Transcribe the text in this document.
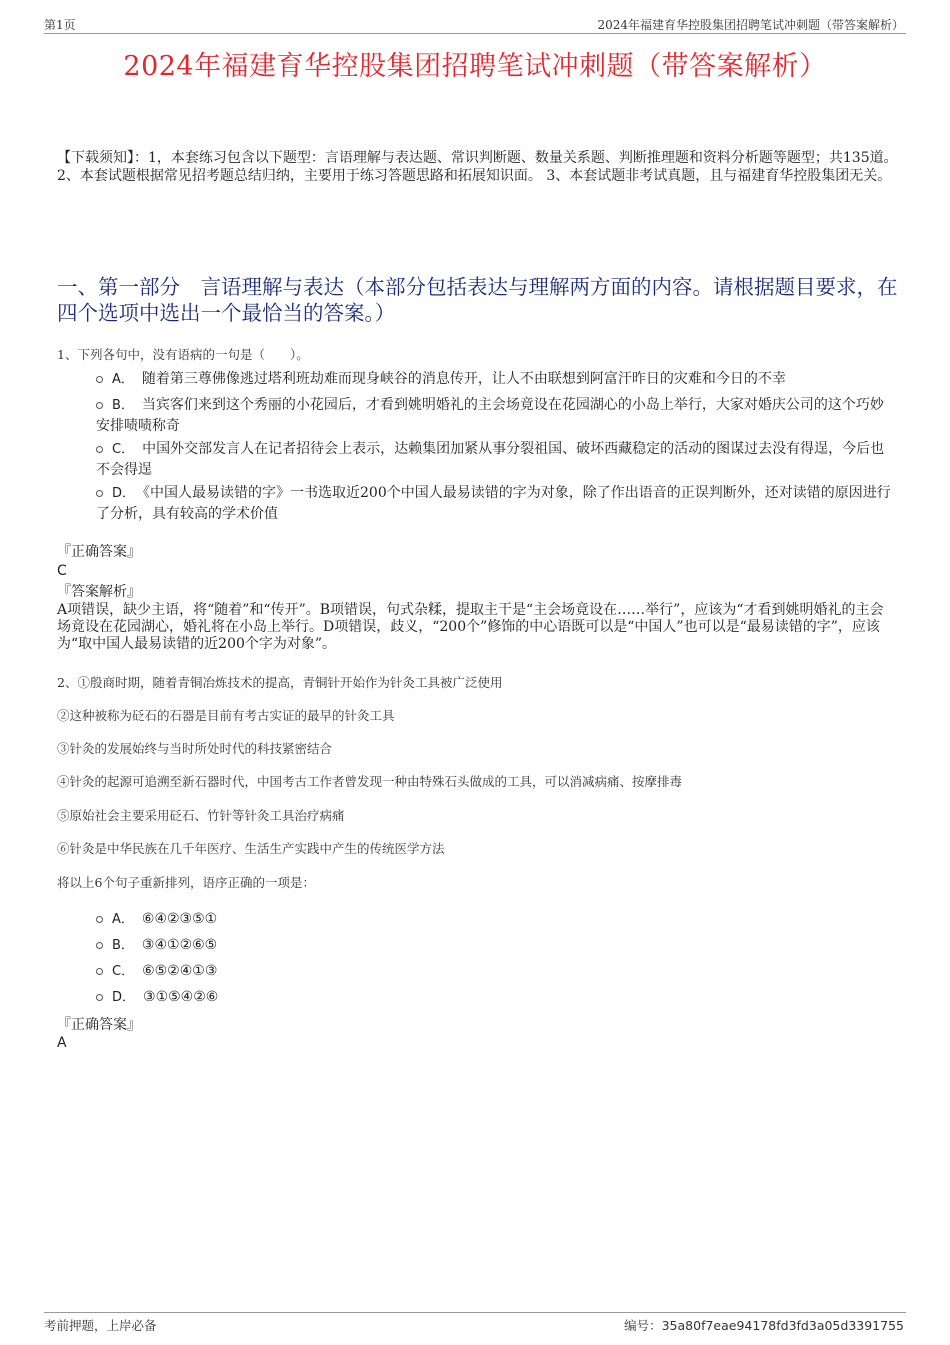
第1页	2024年福建育华控股集团招聘笔试冲刺题（带答案解析）
2024年福建育华控股集团招聘笔试冲刺题（带答案解析）

【下载须知】：1，本套练习包含以下题型：言语理解与表达题、常识判断题、数量关系题、判断推理题和资料分析题等题型；共135道。 2、本套试题根据常见招考题总结归纳，主要用于练习答题思路和拓展知识面。 3、本套试题非考试真题，且与福建育华控股集团无关。

一、第一部分　言语理解与表达（本部分包括表达与理解两方面的内容。请根据题目要求，在四个选项中选出一个最恰当的答案。）

1、下列各句中，没有语病的一句是（　　）。

A． 随着第三尊佛像逃过塔利班劫难而现身峡谷的消息传开，让人不由联想到阿富汗昨日的灾难和今日的不幸
B． 当宾客们来到这个秀丽的小花园后，才看到姚明婚礼的主会场竟设在花园湖心的小岛上举行，大家对婚庆公司的这个巧妙安排啧啧称奇
C． 中国外交部发言人在记者招待会上表示，达赖集团加紧从事分裂祖国、破坏西藏稳定的活动的图谋过去没有得逞，今后也不会得逞
D． 《中国人最易读错的字》一书选取近200个中国人最易读错的字为对象，除了作出语音的正误判断外，还对读错的原因进行了分析，具有较高的学术价值
『正确答案』
C
『答案解析』

A项错误，缺少主语，将“随着”和“传开”。B项错误，句式杂糅，提取主干是“主会场竟设在……举行”，应该为“才看到姚明婚礼的主会场竟设在花园湖心，婚礼将在小岛上举行。D项错误，歧义，“200个”修饰的中心语既可以是“中国人”也可以是“最易读错的字”，应该为“取中国人最易读错的近200个字为对象”。

2、①殷商时期，随着青铜冶炼技术的提高，青铜针开始作为针灸工具被广泛使用

②这种被称为砭石的石器是目前有考古实证的最早的针灸工具

③针灸的发展始终与当时所处时代的科技紧密结合

④针灸的起源可追溯至新石器时代，中国考古工作者曾发现一种由特殊石头做成的工具，可以消减病痛、按摩排毒

⑤原始社会主要采用砭石、竹针等针灸工具治疗病痛

⑥针灸是中华民族在几千年医疗、生活生产实践中产生的传统医学方法

将以上6个句子重新排列，语序正确的一项是：

A． ⑥④②③⑤①
B． ③④①②⑥⑤
C． ⑥⑤②④①③
D． ③①⑤④②⑥
『正确答案』
A
考前押题，上岸必备	编号：35a80f7eae94178fd3fd3a05d3391755
